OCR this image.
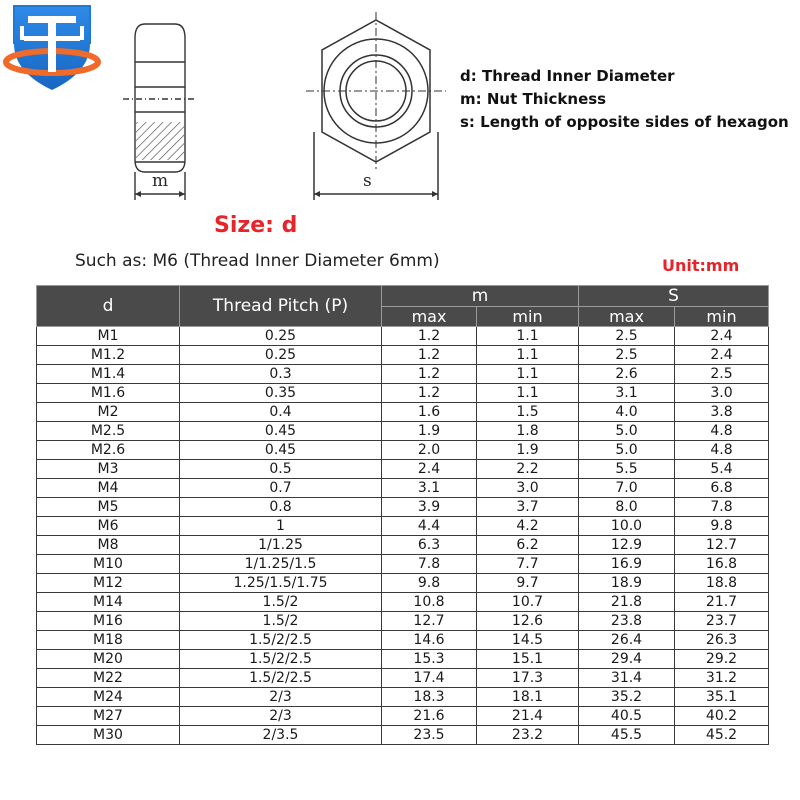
m	s
d: Thread Inner Diameter
m: Nut Thickness
s: Length of opposite sides of hexagon
Size: d
Such as: M6 (Thread Inner Diameter 6mm)	Unit:mm
d	Thread Pitch (P)	m		S	
		max	min	max	min
M1	0.25	1.2	1.1	2.5	2.4
M1.2	0.25	1.2	1.1	2.5	2.4
M1.4	0.3	1.2	1.1	2.6	2.5
M1.6	0.35	1.2	1.1	3.1	3.0
M2	0.4	1.6	1.5	4.0	3.8
M2.5	0.45	1.9	1.8	5.0	4.8
M2.6	0.45	2.0	1.9	5.0	4.8
M3	0.5	2.4	2.2	5.5	5.4
M4	0.7	3.1	3.0	7.0	6.8
M5	0.8	3.9	3.7	8.0	7.8
M6	1	4.4	4.2	10.0	9.8
M8	1/1.25	6.3	6.2	12.9	12.7
M10	1/1.25/1.5	7.8	7.7	16.9	16.8
M12	1.25/1.5/1.75	9.8	9.7	18.9	18.8
M14	1.5/2	10.8	10.7	21.8	21.7
M16	1.5/2	12.7	12.6	23.8	23.7
M18	1.5/2/2.5	14.6	14.5	26.4	26.3
M20	1.5/2/2.5	15.3	15.1	29.4	29.2
M22	1.5/2/2.5	17.4	17.3	31.4	31.2
M24	2/3	18.3	18.1	35.2	35.1
M27	2/3	21.6	21.4	40.5	40.2
M30	2/3.5	23.5	23.2	45.5	45.2
